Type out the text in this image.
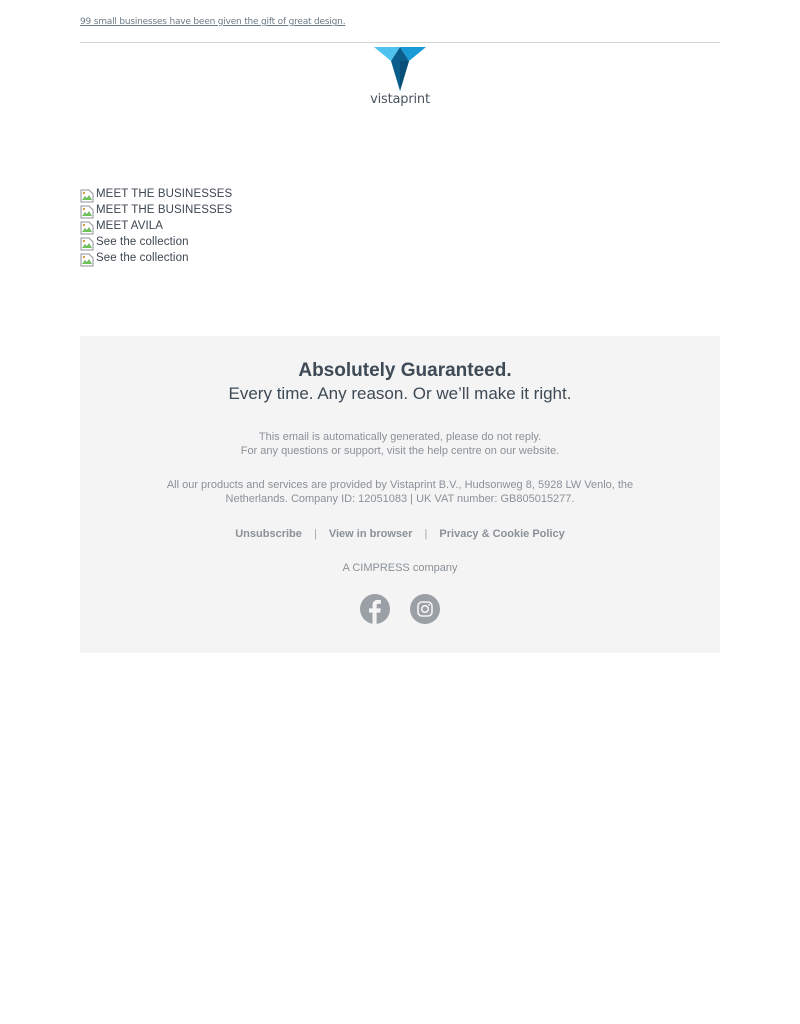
99 small businesses have been given the gift of great design.
vistaprint
MEET THE BUSINESSES
MEET THE BUSINESSES
MEET AVILA
See the collection
See the collection
Absolutely Guaranteed.
Every time. Any reason. Or we’ll make it right.
This email is automatically generated, please do not reply.
For any questions or support, visit the help centre on our website.
All our products and services are provided by Vistaprint B.V., Hudsonweg 8, 5928 LW Venlo, the Netherlands. Company ID: 12051083 | UK VAT number: GB805015277.
Unsubscribe | View in browser | Privacy & Cookie Policy
A CIMPRESS company
